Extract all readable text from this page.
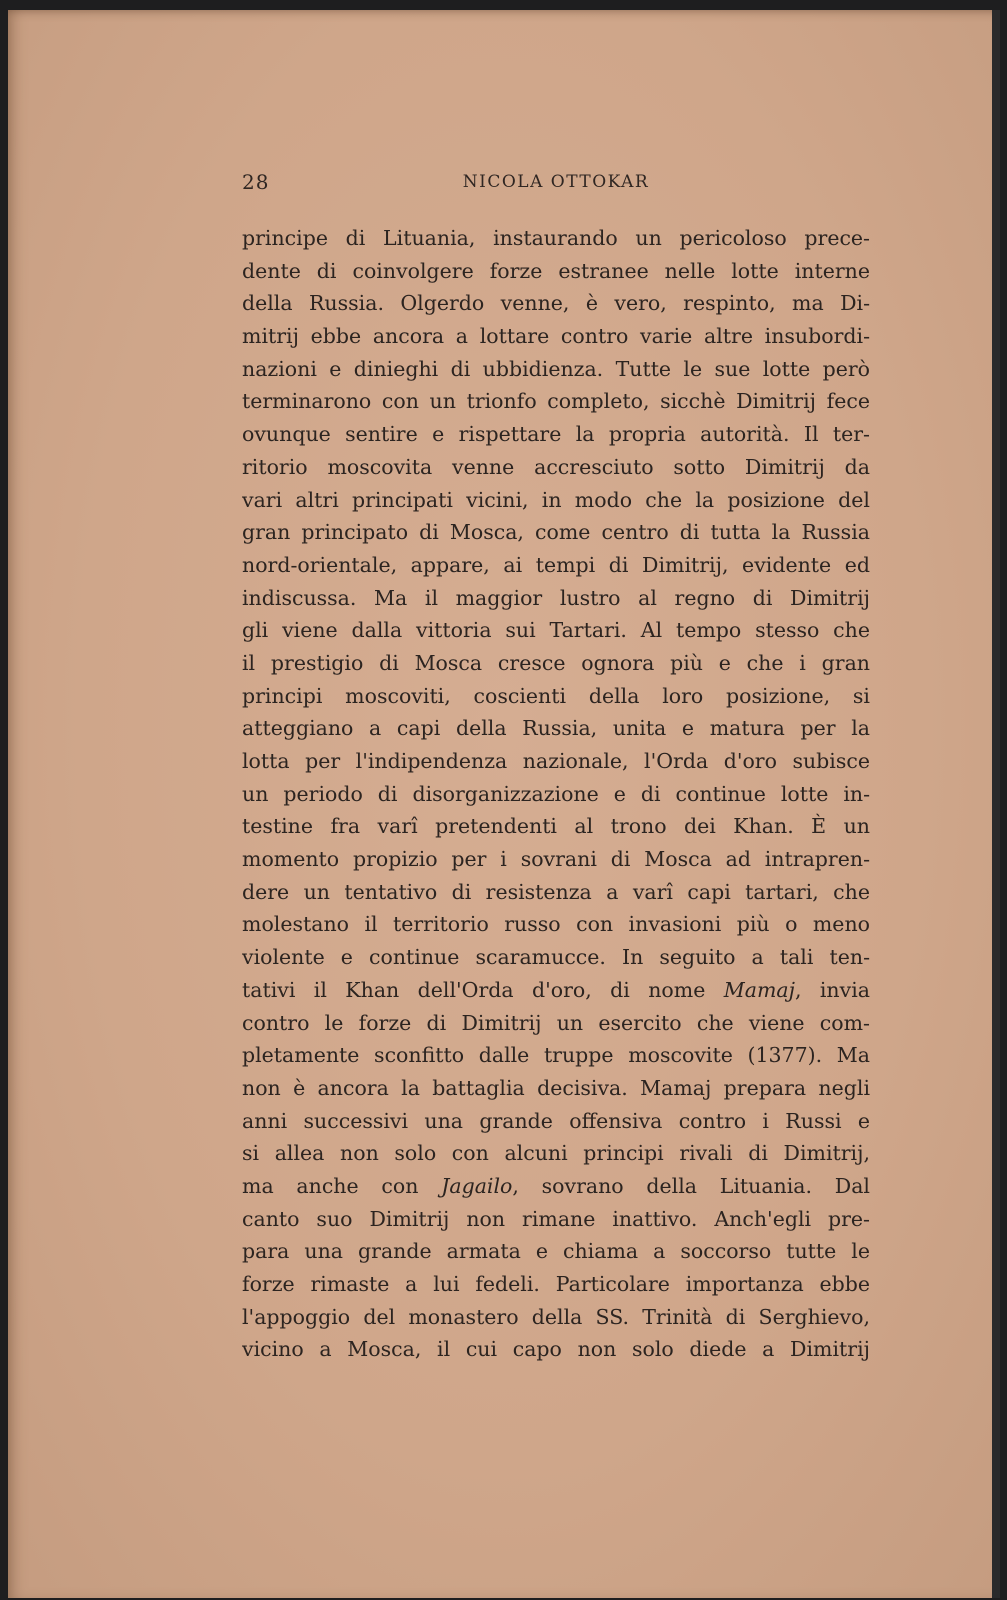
28	NICOLA OTTOKAR
principe di Lituania, instaurando un pericoloso prece-
dente di coinvolgere forze estranee nelle lotte interne
della Russia. Olgerdo venne, è vero, respinto, ma Di-
mitrij ebbe ancora a lottare contro varie altre insubordi-
nazioni e dinieghi di ubbidienza. Tutte le sue lotte però
terminarono con un trionfo completo, sicchè Dimitrij fece
ovunque sentire e rispettare la propria autorità. Il ter-
ritorio moscovita venne accresciuto sotto Dimitrij da
vari altri principati vicini, in modo che la posizione del
gran principato di Mosca, come centro di tutta la Russia
nord-orientale, appare, ai tempi di Dimitrij, evidente ed
indiscussa. Ma il maggior lustro al regno di Dimitrij
gli viene dalla vittoria sui Tartari. Al tempo stesso che
il prestigio di Mosca cresce ognora più e che i gran
principi moscoviti, coscienti della loro posizione, si
atteggiano a capi della Russia, unita e matura per la
lotta per l'indipendenza nazionale, l'Orda d'oro subisce
un periodo di disorganizzazione e di continue lotte in-
testine fra varî pretendenti al trono dei Khan. È un
momento propizio per i sovrani di Mosca ad intrapren-
dere un tentativo di resistenza a varî capi tartari, che
molestano il territorio russo con invasioni più o meno
violente e continue scaramucce. In seguito a tali ten-
tativi il Khan dell'Orda d'oro, di nome Mamaj, invia
contro le forze di Dimitrij un esercito che viene com-
pletamente sconfitto dalle truppe moscovite (1377). Ma
non è ancora la battaglia decisiva. Mamaj prepara negli
anni successivi una grande offensiva contro i Russi e
si allea non solo con alcuni principi rivali di Dimitrij,
ma anche con Jagailo, sovrano della Lituania. Dal
canto suo Dimitrij non rimane inattivo. Anch'egli pre-
para una grande armata e chiama a soccorso tutte le
forze rimaste a lui fedeli. Particolare importanza ebbe
l'appoggio del monastero della SS. Trinità di Serghievo,
vicino a Mosca, il cui capo non solo diede a Dimitrij
